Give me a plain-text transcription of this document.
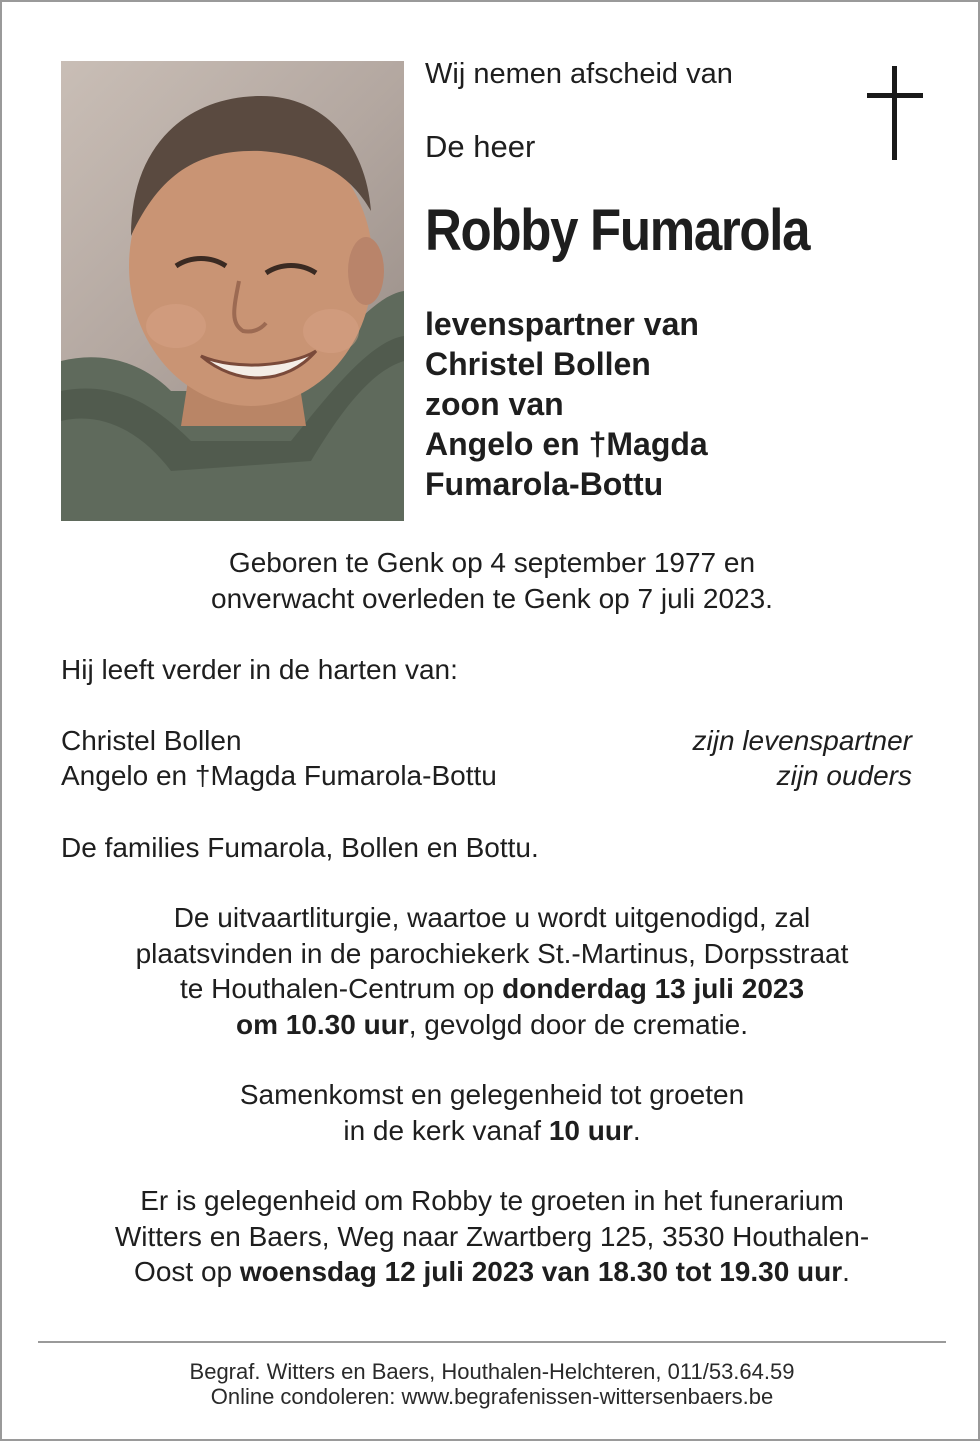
Wij nemen afscheid van
De heer
Robby Fumarola
levenspartner van
Christel Bollen
zoon van
Angelo en †Magda
Fumarola-Bottu
Geboren te Genk op 4 september 1977 en
onverwacht overleden te Genk op 7 juli 2023.
Hij leeft verder in de harten van:
Christel Bollen	zijn levenspartner
Angelo en †Magda Fumarola-Bottu	zijn ouders
De families Fumarola, Bollen en Bottu.
De uitvaartliturgie, waartoe u wordt uitgenodigd, zal
plaatsvinden in de parochiekerk St.-Martinus, Dorpsstraat
te Houthalen-Centrum op donderdag 13 juli 2023
om 10.30 uur, gevolgd door de crematie.
Samenkomst en gelegenheid tot groeten
in de kerk vanaf 10 uur.
Er is gelegenheid om Robby te groeten in het funerarium
Witters en Baers, Weg naar Zwartberg 125, 3530 Houthalen-
Oost op woensdag 12 juli 2023 van 18.30 tot 19.30 uur.
Begraf. Witters en Baers, Houthalen-Helchteren, 011/53.64.59
Online condoleren: www.begrafenissen-wittersenbaers.be
